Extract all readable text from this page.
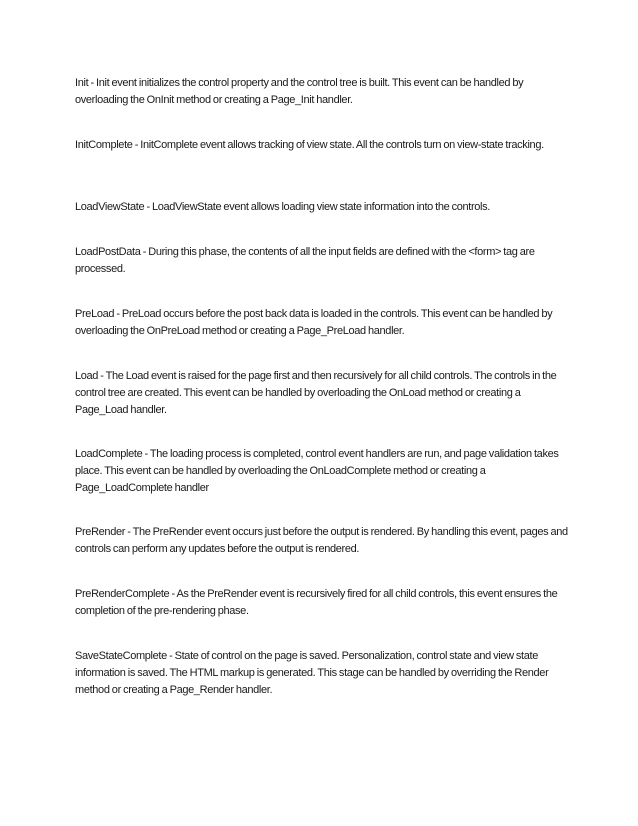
Init - Init event initializes the control property and the control tree is built. This event can be handled by overloading the OnInit method or creating a Page_Init handler.

InitComplete - InitComplete event allows tracking of view state. All the controls turn on view-state tracking.

LoadViewState - LoadViewState event allows loading view state information into the controls.

LoadPostData - During this phase, the contents of all the input fields are defined with the <form> tag are processed.

PreLoad - PreLoad occurs before the post back data is loaded in the controls. This event can be handled by overloading the OnPreLoad method or creating a Page_PreLoad handler.

Load - The Load event is raised for the page first and then recursively for all child controls. The controls in the control tree are created. This event can be handled by overloading the OnLoad method or creating a Page_Load handler.

LoadComplete - The loading process is completed, control event handlers are run, and page validation takes place. This event can be handled by overloading the OnLoadComplete method or creating a Page_LoadComplete handler

PreRender - The PreRender event occurs just before the output is rendered. By handling this event, pages and controls can perform any updates before the output is rendered.

PreRenderComplete - As the PreRender event is recursively fired for all child controls, this event ensures the completion of the pre-rendering phase.

SaveStateComplete - State of control on the page is saved. Personalization, control state and view state information is saved. The HTML markup is generated. This stage can be handled by overriding the Render method or creating a Page_Render handler.
